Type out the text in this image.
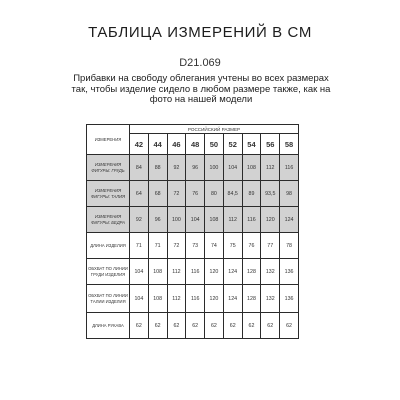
ТАБЛИЦА ИЗМЕРЕНИЙ В СМ
D21.069
Прибавки на свободу облегания учтены во всех размерах так, чтобы изделие сидело в любом размере также, как на фото на нашей модели
ИЗМЕРЕНИЯ	РОССИЙСКИЙ РАЗМЕР								
	42	44	46	48	50	52	54	56	58
ИЗМЕРЕНИЯ ФИГУРЫ: ГРУДЬ	84	88	92	96	100	104	108	112	116
ИЗМЕРЕНИЯ ФИГУРЫ: ТАЛИЯ	64	68	72	76	80	84,5	89	93,5	98
ИЗМЕРЕНИЯ ФИГУРЫ: БЕДРА	92	96	100	104	108	112	116	120	124
ДЛИНА ИЗДЕЛИЯ	71	71	72	73	74	75	76	77	78
ОБХВАТ ПО ЛИНИИ ГРУДИ ИЗДЕЛИЯ	104	108	112	116	120	124	128	132	136
ОБХВАТ ПО ЛИНИИ ТАЛИИ ИЗДЕЛИЯ	104	108	112	116	120	124	128	132	136
ДЛИНА РУКАВА	62	62	62	62	62	62	62	62	62
